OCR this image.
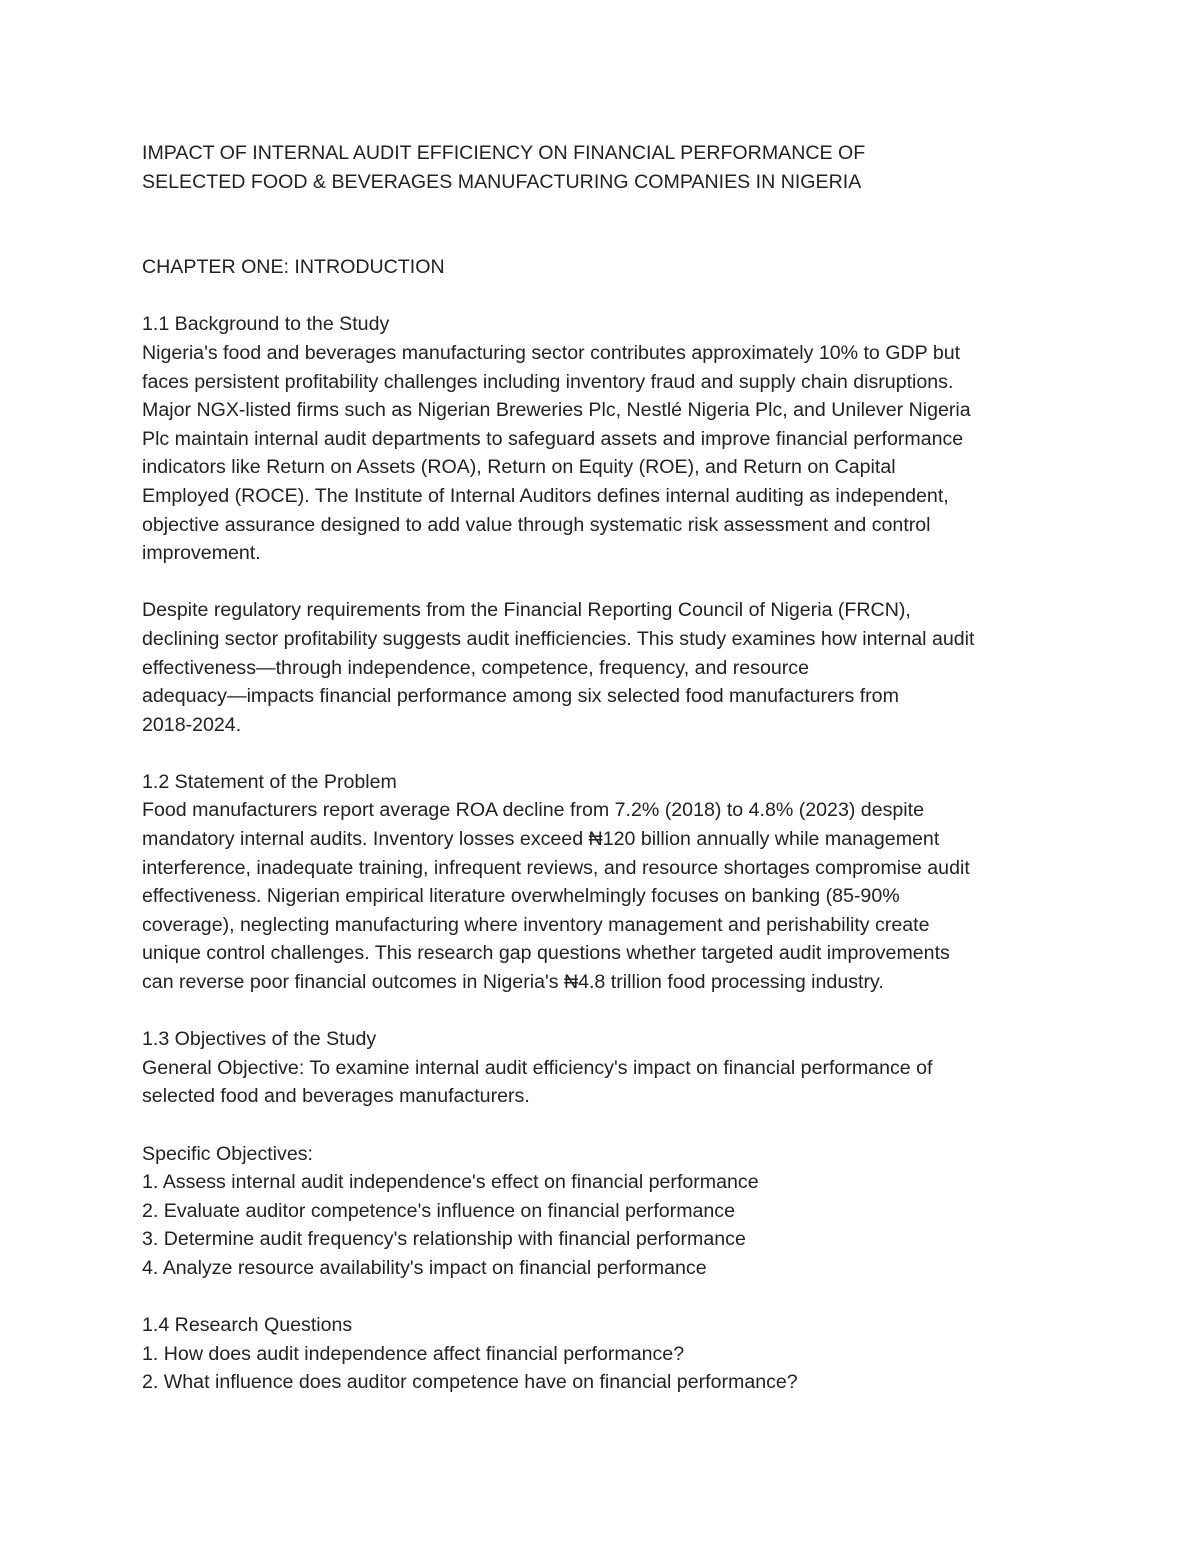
IMPACT OF INTERNAL AUDIT EFFICIENCY ON FINANCIAL PERFORMANCE OF
SELECTED FOOD & BEVERAGES MANUFACTURING COMPANIES IN NIGERIA
CHAPTER ONE: INTRODUCTION
1.1 Background to the Study
Nigeria's food and beverages manufacturing sector contributes approximately 10% to GDP but
faces persistent profitability challenges including inventory fraud and supply chain disruptions.
Major NGX-listed firms such as Nigerian Breweries Plc, Nestlé Nigeria Plc, and Unilever Nigeria
Plc maintain internal audit departments to safeguard assets and improve financial performance
indicators like Return on Assets (ROA), Return on Equity (ROE), and Return on Capital
Employed (ROCE). The Institute of Internal Auditors defines internal auditing as independent,
objective assurance designed to add value through systematic risk assessment and control
improvement.
Despite regulatory requirements from the Financial Reporting Council of Nigeria (FRCN),
declining sector profitability suggests audit inefficiencies. This study examines how internal audit
effectiveness—through independence, competence, frequency, and resource
adequacy—impacts financial performance among six selected food manufacturers from
2018-2024.
1.2 Statement of the Problem
Food manufacturers report average ROA decline from 7.2% (2018) to 4.8% (2023) despite
mandatory internal audits. Inventory losses exceed ₦120 billion annually while management
interference, inadequate training, infrequent reviews, and resource shortages compromise audit
effectiveness. Nigerian empirical literature overwhelmingly focuses on banking (85-90%
coverage), neglecting manufacturing where inventory management and perishability create
unique control challenges. This research gap questions whether targeted audit improvements
can reverse poor financial outcomes in Nigeria's ₦4.8 trillion food processing industry.
1.3 Objectives of the Study
General Objective: To examine internal audit efficiency's impact on financial performance of
selected food and beverages manufacturers.
Specific Objectives:
1. Assess internal audit independence's effect on financial performance
2. Evaluate auditor competence's influence on financial performance
3. Determine audit frequency's relationship with financial performance
4. Analyze resource availability's impact on financial performance
1.4 Research Questions
1. How does audit independence affect financial performance?
2. What influence does auditor competence have on financial performance?
